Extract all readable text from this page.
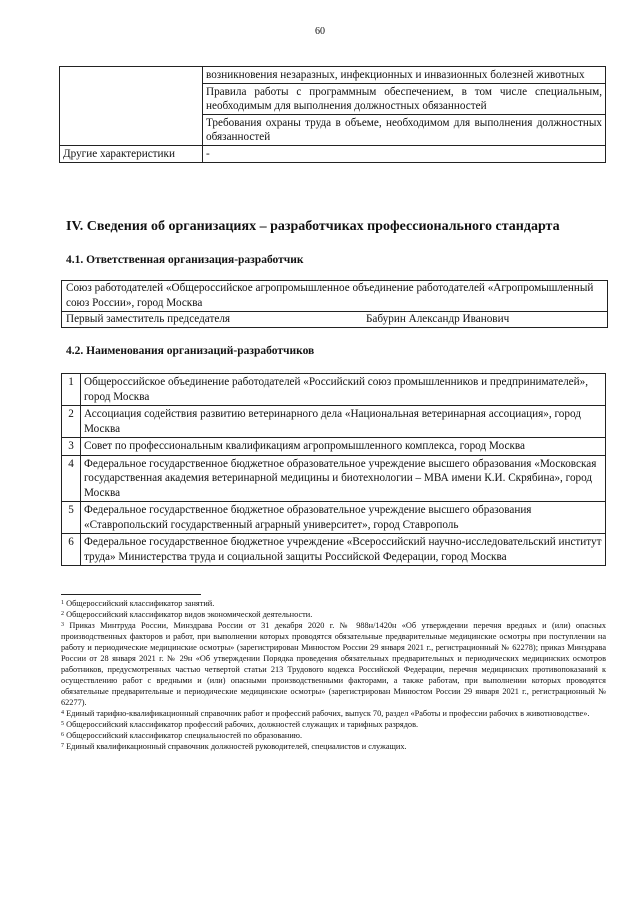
60
	возникновения незаразных, инфекционных и инвазионных болезней животных
	Правила работы с программным обеспечением, в том числе специальным, необходимым для выполнения должностных обязанностей
	Требования охраны труда в объеме, необходимом для выполнения должностных обязанностей
Другие характеристики	-
IV. Сведения об организациях – разработчиках профессионального стандарта
4.1. Ответственная организация-разработчик
Союз работодателей «Общероссийское агропромышленное объединение работодателей «Агропромышленный союз России», город Москва
Первый заместитель председателя	Бабурин Александр Иванович
4.2. Наименования организаций-разработчиков
1	Общероссийское объединение работодателей «Российский союз промышленников и предпринимателей», город Москва
2	Ассоциация содействия развитию ветеринарного дела «Национальная ветеринарная ассоциация», город Москва
3	Совет по профессиональным квалификациям агропромышленного комплекса, город Москва
4	Федеральное государственное бюджетное образовательное учреждение высшего образования «Московская государственная академия ветеринарной медицины и биотехнологии – МВА имени К.И. Скрябина», город Москва
5	Федеральное государственное бюджетное образовательное учреждение высшего образования «Ставропольский государственный аграрный университет», город Ставрополь
6	Федеральное государственное бюджетное учреждение «Всероссийский научно-исследовательский институт труда» Министерства труда и социальной защиты Российской Федерации, город Москва

$^1$ Общероссийский классификатор занятий.

$^2$ Общероссийский классификатор видов экономической деятельности.

$^3$ Приказ Минтруда России, Минздрава России от 31 декабря 2020 г. № 988н/1420н «Об утверждении перечня вредных и (или) опасных производственных факторов и работ, при выполнении которых проводятся обязательные предварительные медицинские осмотры при поступлении на работу и периодические медицинские осмотры» (зарегистрирован Минюстом России 29 января 2021 г., регистрационный № 62278); приказ Минздрава России от 28 января 2021 г. № 29н «Об утверждении Порядка проведения обязательных предварительных и периодических медицинских осмотров работников, предусмотренных частью четвертой статьи 213 Трудового кодекса Российской Федерации, перечня медицинских противопоказаний к осуществлению работ с вредными и (или) опасными производственными факторами, а также работам, при выполнении которых проводятся обязательные предварительные и периодические медицинские осмотры» (зарегистрирован Минюстом России 29 января 2021 г., регистрационный № 62277).

$^4$ Единый тарифно-квалификационный справочник работ и профессий рабочих, выпуск 70, раздел «Работы и профессии рабочих в животноводстве».

$^5$ Общероссийский классификатор профессий рабочих, должностей служащих и тарифных разрядов.

$^6$ Общероссийский классификатор специальностей по образованию.

$^7$ Единый квалификационный справочник должностей руководителей, специалистов и служащих.
